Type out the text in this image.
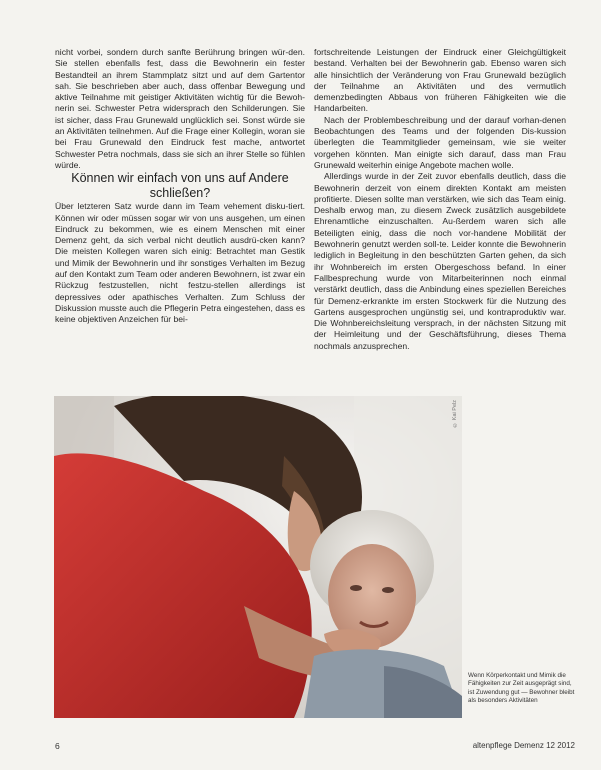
nicht vorbei, sondern durch sanfte Berührung bringen wür-den. Sie stellen ebenfalls fest, dass die Bewohnerin ein fester Bestandteil an ihrem Stammplatz sitzt und auf dem Gartentor sah. Sie beschrieben aber auch, dass offenbar Bewegung und aktive Teilnahme mit geistiger Aktivitäten wichtig für die Bewoh-nerin sei. Schwester Petra widersprach den Schilderungen. Sie ist sicher, dass Frau Grunewald unglücklich sei. Sonst würde sie an Aktivitäten teilnehmen. Auf die Frage einer Kollegin, woran sie bei Frau Grunewald den Eindruck fest mache, antwortet Schwester Petra nochmals, dass sie sich an ihrer Stelle so fühlen würde.

Können wir einfach von uns auf Andere schließen?

Über letzteren Satz wurde dann im Team vehement disku-tiert. Können wir oder müssen sogar wir von uns ausgehen, um einen Eindruck zu bekommen, wie es einem Menschen mit einer Demenz geht, da sich verbal nicht deutlich ausdrü-cken kann? Die meisten Kollegen waren sich einig: Betrachtet man Gestik und Mimik der Bewohnerin und ihr sonstiges Verhalten im Bezug auf den Kontakt zum Team oder anderen Bewohnern, ist zwar ein Rückzug festzustellen, nicht festzu-stellen allerdings ist depressives oder apathisches Verhalten. Zum Schluss der Diskussion musste auch die Pflegerin Petra eingestehen, dass es keine objektiven Anzeichen für bei-

fortschreitende Leistungen der Eindruck einer Gleichgültigkeit bestand. Verhalten bei der Bewohnerin gab. Ebenso waren sich alle hinsichtlich der Veränderung von Frau Grunewald bezüglich der Teilnahme an Aktivitäten und des vermutlich demenzbedingten Abbaus von früheren Fähigkeiten wie die Handarbeiten.

Nach der Problembeschreibung und der darauf vorhan-denen Beobachtungen des Teams und der folgenden Dis-kussion überlegten die Teammitglieder gemeinsam, wie sie weiter vorgehen könnten. Man einigte sich darauf, dass man Frau Grunewald weiterhin einige Angebote machen wolle.

Allerdings wurde in der Zeit zuvor ebenfalls deutlich, dass die Bewohnerin derzeit von einem direkten Kontakt am meisten profitierte. Diesen sollte man verstärken, wie sich das Team einig. Deshalb erwog man, zu diesem Zweck zusätzlich ausgebildete Ehrenamtliche einzuschalten. Au-ßerdem waren sich alle Beteiligten einig, dass die noch vor-handene Mobilität der Bewohnerin genutzt werden soll-te. Leider konnte die Bewohnerin lediglich in Begleitung in den beschützten Garten gehen, da sich ihr Wohnbereich im ersten Obergeschoss befand. In einer Fallbesprechung wurde von Mitarbeiterinnen noch einmal verstärkt deutlich, dass die Anbindung eines speziellen Bereiches für Demenz-erkrankte im ersten Stockwerk für die Nutzung des Gartens ausgesprochen ungünstig sei, und kontraproduktiv war. Die Wohnbereichsleitung versprach, in der nächsten Sitzung mit der Heimleitung und der Geschäftsführung, dieses Thema nochmals anzusprechen.

© Kai Pelz
Wenn Körperkontakt und Mimik die Fähigkeiten zur Zeit ausgeprägt sind, ist Zuwendung gut — Bewohner bleibt als besonders Aktivitäten
6	altenpflege Demenz 12 2012
